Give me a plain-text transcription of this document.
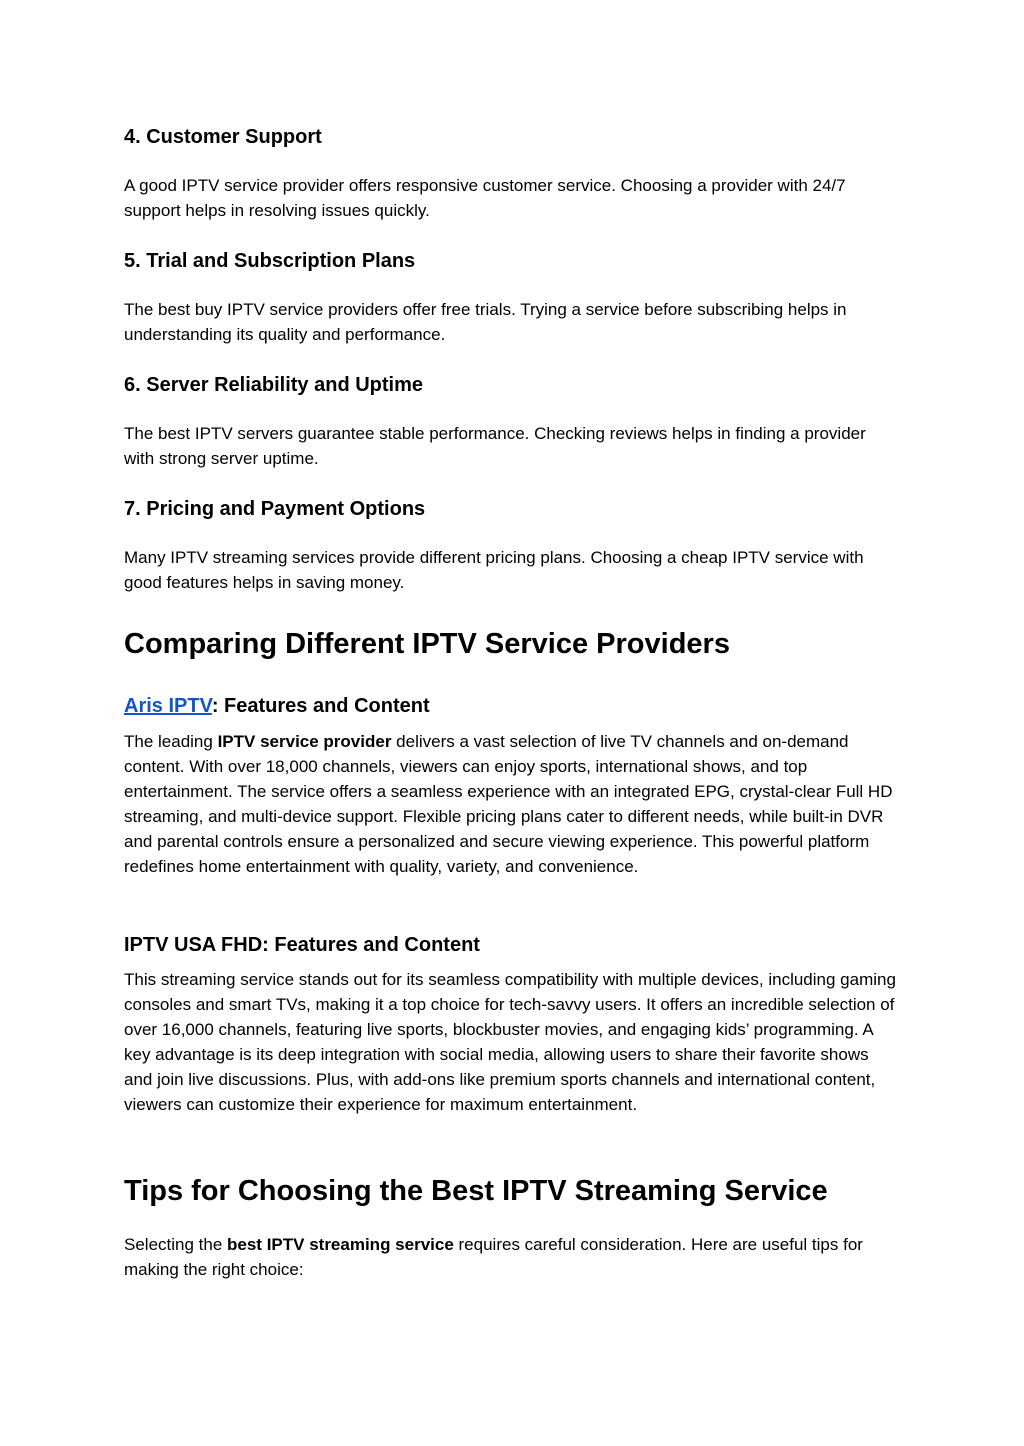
4. Customer Support

A good IPTV service provider offers responsive customer service. Choosing a provider with 24/7 support helps in resolving issues quickly.

5. Trial and Subscription Plans

The best buy IPTV service providers offer free trials. Trying a service before subscribing helps in understanding its quality and performance.

6. Server Reliability and Uptime

The best IPTV servers guarantee stable performance. Checking reviews helps in finding a provider with strong server uptime.

7. Pricing and Payment Options

Many IPTV streaming services provide different pricing plans. Choosing a cheap IPTV service with good features helps in saving money.

Comparing Different IPTV Service Providers
Aris IPTV: Features and Content

The leading IPTV service provider delivers a vast selection of live TV channels and on-demand content. With over 18,000 channels, viewers can enjoy sports, international shows, and top entertainment. The service offers a seamless experience with an integrated EPG, crystal-clear Full HD streaming, and multi-device support. Flexible pricing plans cater to different needs, while built-in DVR and parental controls ensure a personalized and secure viewing experience. This powerful platform redefines home entertainment with quality, variety, and convenience.

IPTV USA FHD: Features and Content

This streaming service stands out for its seamless compatibility with multiple devices, including gaming consoles and smart TVs, making it a top choice for tech-savvy users. It offers an incredible selection of over 16,000 channels, featuring live sports, blockbuster movies, and engaging kids’ programming. A key advantage is its deep integration with social media, allowing users to share their favorite shows and join live discussions. Plus, with add-ons like premium sports channels and international content, viewers can customize their experience for maximum entertainment.

Tips for Choosing the Best IPTV Streaming Service

Selecting the best IPTV streaming service requires careful consideration. Here are useful tips for making the right choice:
